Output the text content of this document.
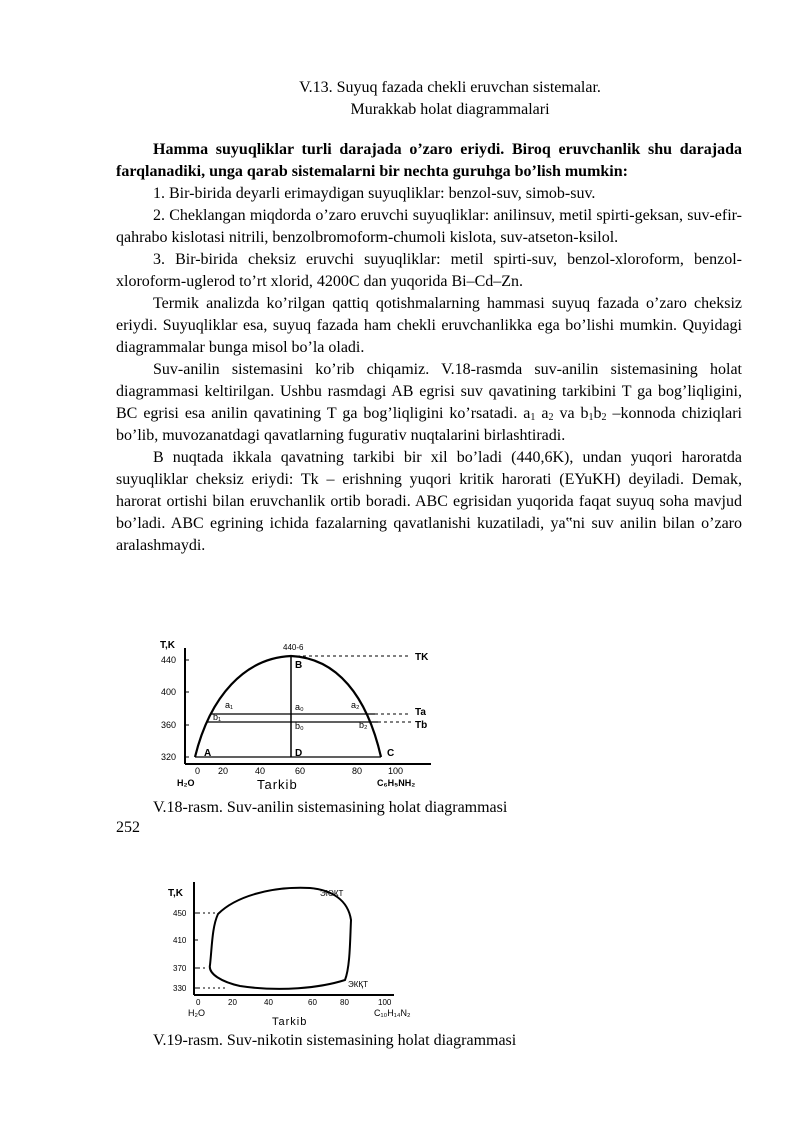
V.13. Suyuq fazada chekli eruvchan sistemalar.
Murakkab holat diagrammalari

Hamma suyuqliklar turli darajada o’zaro eriydi. Biroq eruvchanlik shu darajada farqlanadiki, unga qarab sistemalarni bir nechta guruhga bo’lish mumkin:

1. Bir-birida deyarli erimaydigan suyuqliklar: benzol-suv, simob-suv.

2. Cheklangan miqdorda o’zaro eruvchi suyuqliklar: anilinsuv, metil spirti-geksan, suv-efir-qahrabo kislotasi nitrili, benzolbromoform-chumoli kislota, suv-atseton-ksilol.

3. Bir-birida cheksiz eruvchi suyuqliklar: metil spirti-suv, benzol-xloroform, benzol-xloroform-uglerod to’rt xlorid, 4200C dan yuqorida Bi–Cd–Zn.

Termik analizda ko’rilgan qattiq qotishmalarning hammasi suyuq fazada o’zaro cheksiz eriydi. Suyuqliklar esa, suyuq fazada ham chekli eruvchanlikka ega bo’lishi mumkin. Quyidagi diagrammalar bunga misol bo’la oladi.

Suv-anilin sistemasini ko’rib chiqamiz. V.18-rasmda suv-anilin sistemasining holat diagrammasi keltirilgan. Ushbu rasmdagi AB egrisi suv qavatining tarkibini T ga bog’liqligini, BC egrisi esa anilin qavatining T ga bog’liqligini ko’rsatadi. $a_1$ $a_2$ va $b_1b_2$ –konnoda chiziqlari bo’lib, muvozanatdagi qavatlarning fugurativ nuqtalarini birlashtiradi.

B nuqtada ikkala qavatning tarkibi bir xil bo’ladi (440,6K), undan yuqori haroratda suyuqliklar cheksiz eriydi: Tk – erishning yuqori kritik harorati (EYuKH) deyiladi. Demak, harorat ortishi bilan eruvchanlik ortib boradi. ABC egrisidan yuqorida faqat suyuq soha mavjud bo’ladi. ABC egrining ichida fazalarning qavatlanishi kuzatiladi, ya‟ni suv anilin bilan o’zaro aralashmaydi.

T,K
440
400
360
320
440-6
B
a₁	a₀	a₂
b₁
b₀	b₂
A	D	C
TK
Ta
Tb
0 20	40	60	80	100
H₂O	Tarkib	C₆H₅NH₂
V.18-rasm. Suv-anilin sistemasining holat diagrammasi
252
T,K
450
410
370
330
ЭЮКТ
ЭКҚТ
0	20	40	60	80	100
H₂O
Tarkib
C₁₀H₁₄N₂
V.19-rasm. Suv-nikotin sistemasining holat diagrammasi
